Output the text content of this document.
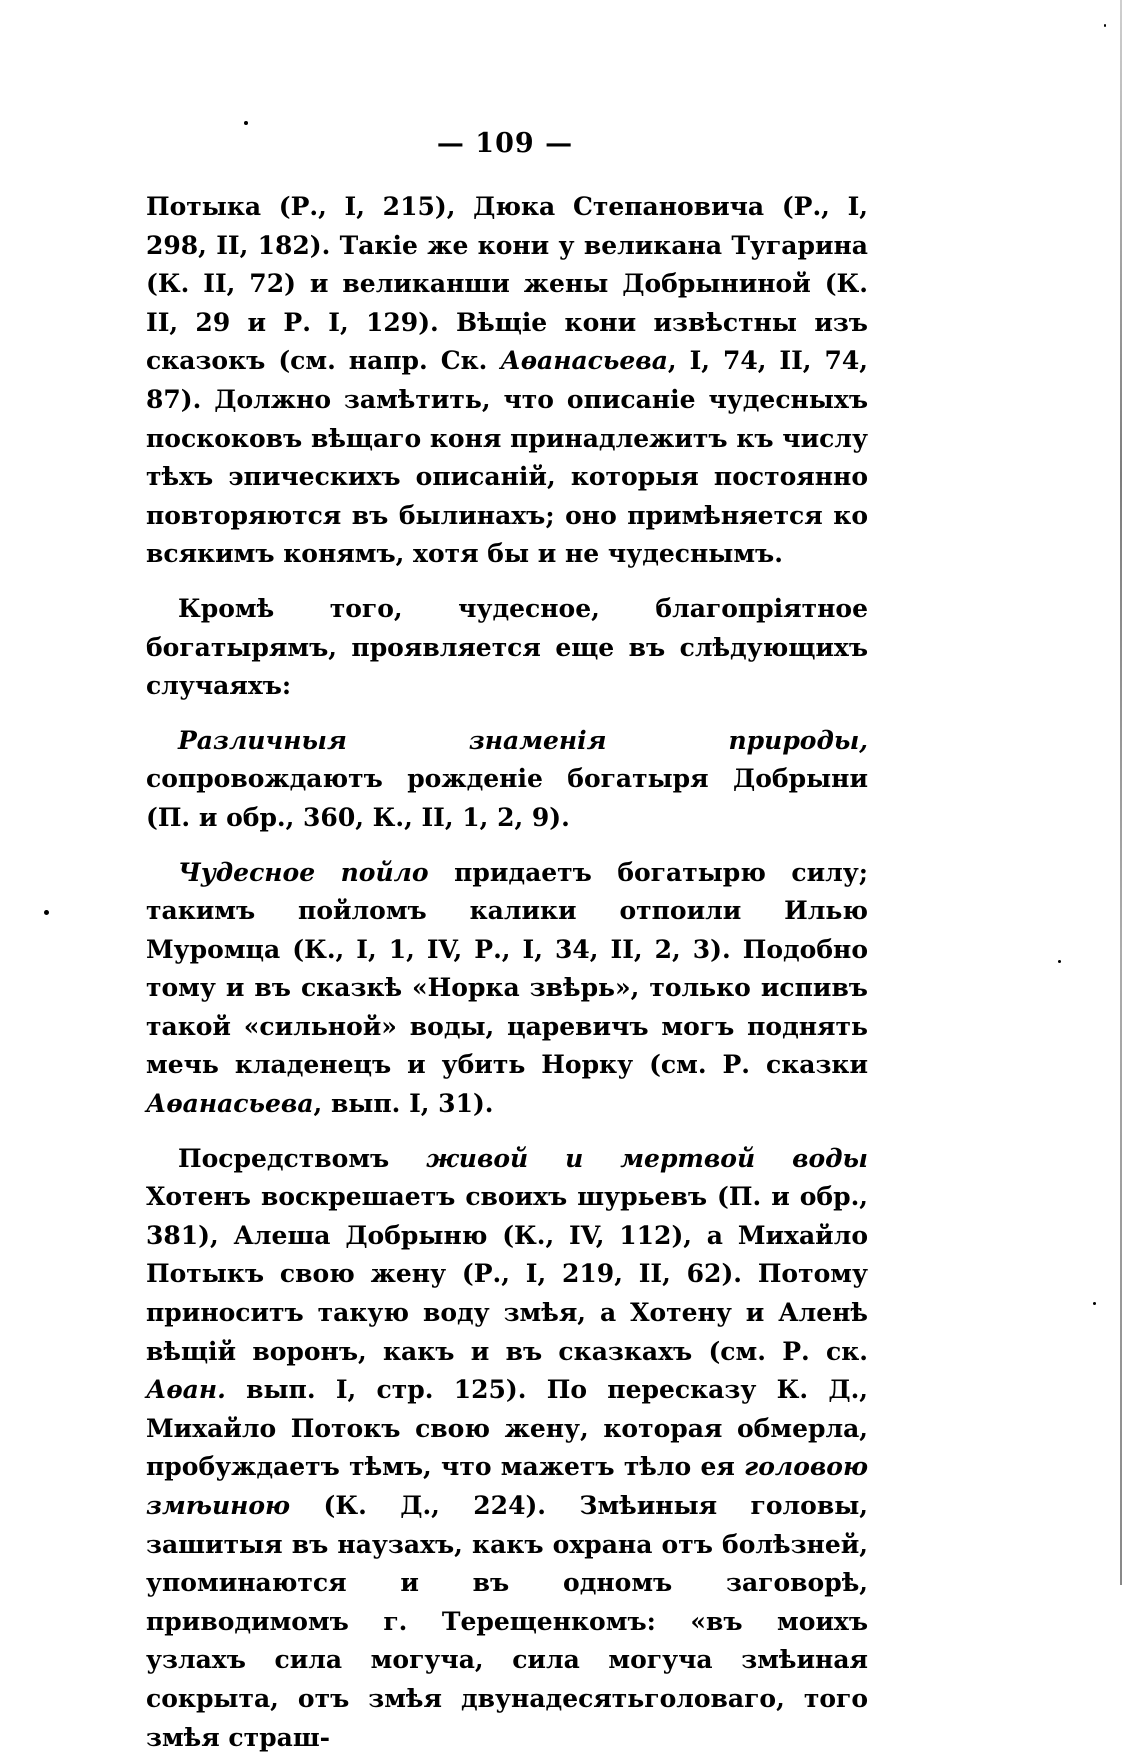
— 109 —

Потыка (Р., I, 215), Дюка Степановича (Р., I, 298, II, 182). Такіе же кони у великана Тугарина (К. II, 72) и великанши жены Добрыниной (К. II, 29 и Р. I, 129). Вѣщіе кони извѣстны изъ сказокъ (см. напр. Ск. Аѳанасьева, I, 74, II, 74, 87). Должно замѣтить, что описаніе чудесныхъ поскоковъ вѣщаго коня принадлежитъ къ числу тѣхъ эпическихъ описаній, которыя постоянно повторяются въ былинахъ; оно примѣняется ко всякимъ конямъ, хотя бы и не чудеснымъ.

Кромѣ того, чудесное, благопріятное богатырямъ, проявляется еще въ слѣдующихъ случаяхъ:

Различныя знаменія природы, сопровождаютъ рожденіе богатыря Добрыни (П. и обр., 360, К., II, 1, 2, 9).

Чудесное пойло придаетъ богатырю силу; такимъ пойломъ калики отпоили Илью Муромца (К., I, 1, IV, Р., I, 34, II, 2, 3). Подобно тому и въ сказкѣ «Норка звѣрь», только испивъ такой «сильной» воды, царевичъ могъ поднять мечь кладенецъ и убить Норку (см. Р. сказки Аѳанасьева, вып. I, 31).

Посредствомъ живой и мертвой воды Хотенъ воскрешаетъ своихъ шурьевъ (П. и обр., 381), Алеша Добрыню (К., IV, 112), а Михайло Потыкъ свою жену (Р., I, 219, II, 62). Потому приноситъ такую воду змѣя, а Хотену и Аленѣ вѣщій воронъ, какъ и въ сказкахъ (см. Р. ск. Аѳан. вып. I, стр. 125). По пересказу К. Д., Михайло Потокъ свою жену, которая обмерла, пробуждаетъ тѣмъ, что мажетъ тѣло ея головою змѣиною (К. Д., 224). Змѣиныя головы, зашитыя въ наузахъ, какъ охрана отъ болѣзней, упоминаются и въ одномъ заговорѣ, приводимомъ г. Терещенкомъ: «въ моихъ узлахъ сила могуча, сила могуча змѣиная сокрыта, отъ змѣя двунадесятьголоваго, того змѣя страш-
